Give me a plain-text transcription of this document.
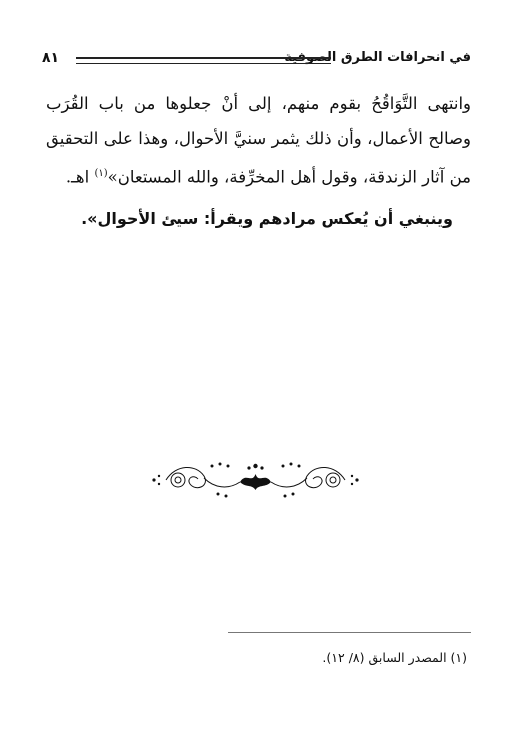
في انحرافات الطرق الصوفية
٨١

وانتهى التَّوَاقُحُ بقوم منهم، إلى أنْ جعلوها من باب القُرَب وصالح الأعمال، وأن ذلك يثمر سنيَّ الأحوال، وهذا على التحقيق من آثار الزندقة، وقول أهل المخرِّفة، والله المستعان»$^{(١)}$ اهـ.

وينبغي أن يُعكس مرادهم ويقرأ: سيئ الأحوال».

(١) المصدر السابق (٨/ ١٢).
